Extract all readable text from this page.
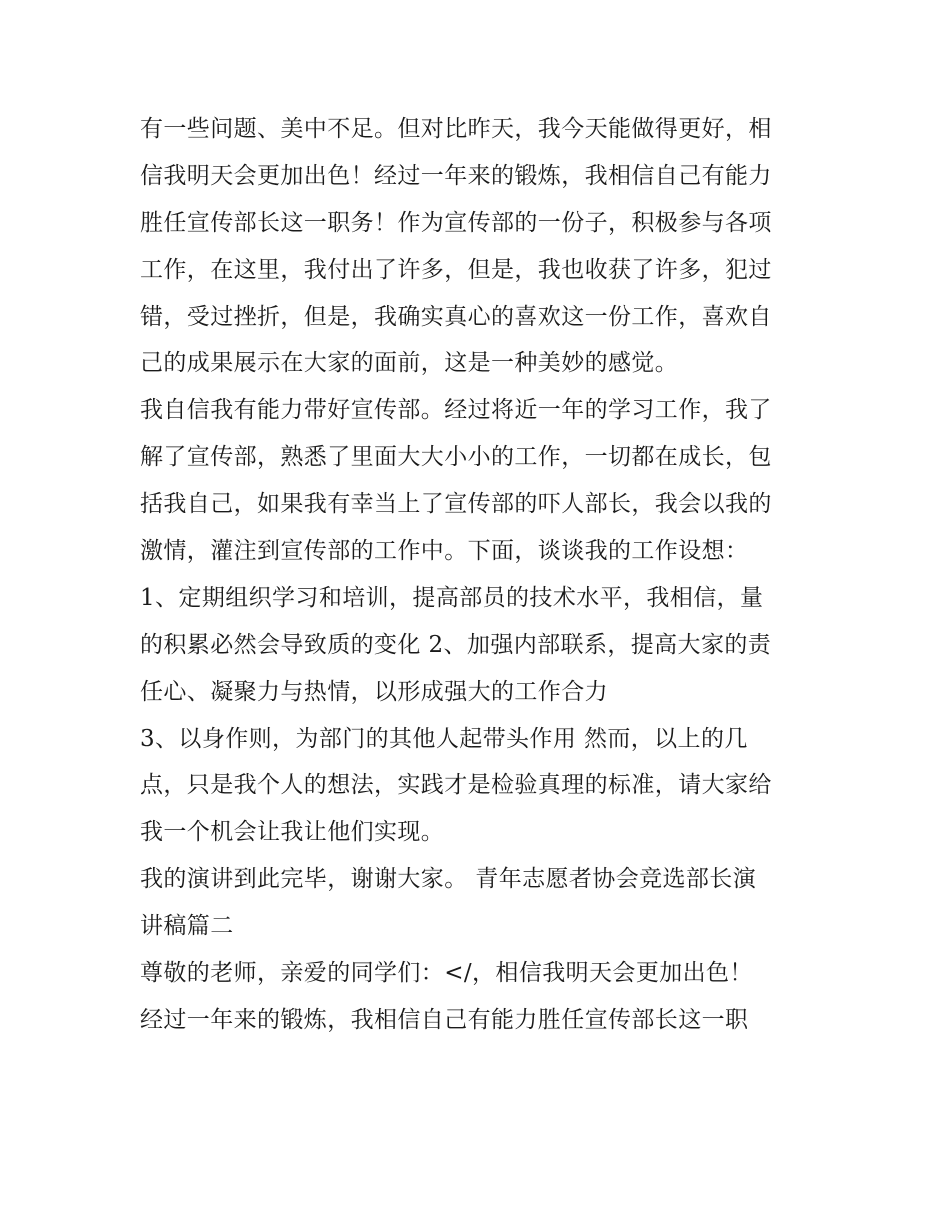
有一些问题、美中不足。但对比昨天，我今天能做得更好，相
信我明天会更加出色！经过一年来的锻炼，我相信自己有能力
胜任宣传部长这一职务！作为宣传部的一份子，积极参与各项
工作，在这里，我付出了许多，但是，我也收获了许多，犯过
错，受过挫折，但是，我确实真心的喜欢这一份工作，喜欢自
己的成果展示在大家的面前，这是一种美妙的感觉。

我自信我有能力带好宣传部。经过将近一年的学习工作，我了
解了宣传部，熟悉了里面大大小小的工作，一切都在成长，包
括我自己，如果我有幸当上了宣传部的吓人部长，我会以我的
激情，灌注到宣传部的工作中。下面，谈谈我的工作设想：

1、定期组织学习和培训，提高部员的技术水平，我相信，量
的积累必然会导致质的变化 2、加强内部联系，提高大家的责
任心、凝聚力与热情，以形成强大的工作合力

3、以身作则，为部门的其他人起带头作用 然而，以上的几
点，只是我个人的想法，实践才是检验真理的标准，请大家给
我一个机会让我让他们实现。

我的演讲到此完毕，谢谢大家。 青年志愿者协会竞选部长演
讲稿篇二

尊敬的老师，亲爱的同学们：</，相信我明天会更加出色！
经过一年来的锻炼，我相信自己有能力胜任宣传部长这一职
